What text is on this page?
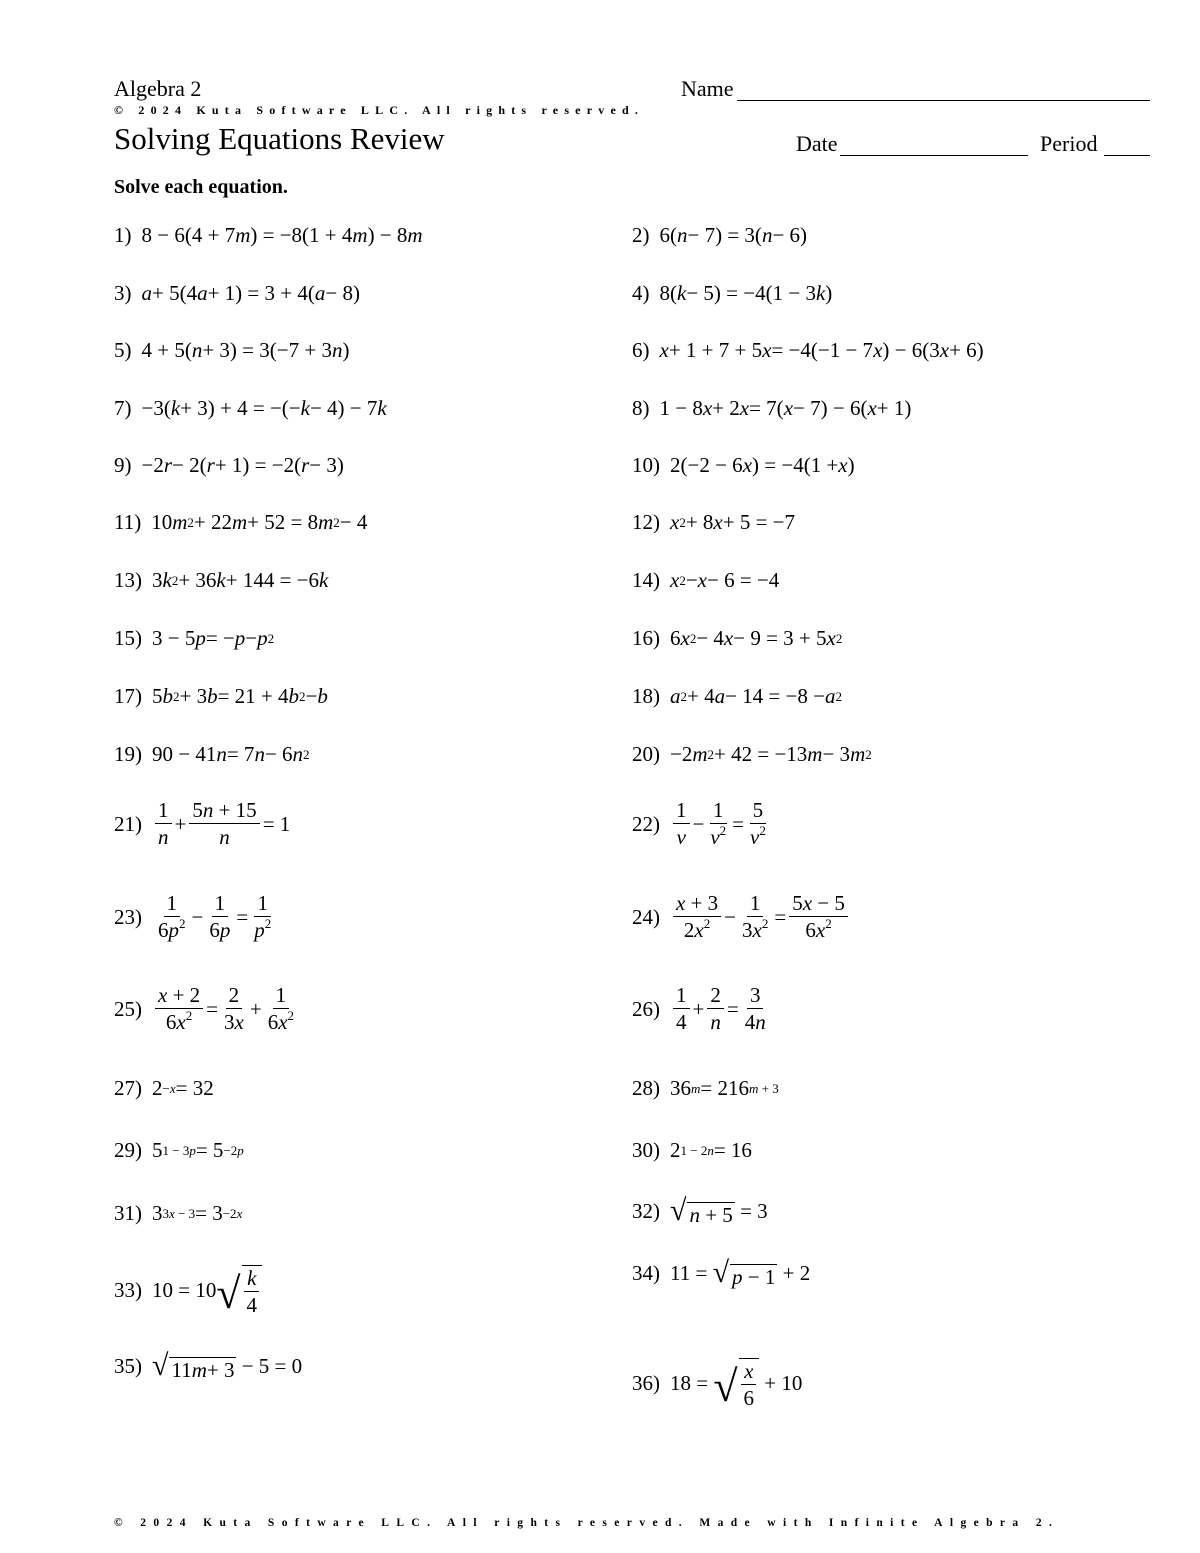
Algebra 2
© 2024 Kuta Software LLC. All rights reserved.
Solving Equations Review
Name
Date	Period
Solve each equation.
1) 8 − 6(4 + 7 m ) = −8(1 + 4 m ) − 8 m	2) 6( n − 7) = 3( n − 6)
3) a + 5(4 a + 1) = 3 + 4( a − 8)	4) 8( k − 5) = −4(1 − 3 k )
5) 4 + 5( n + 3) = 3(−7 + 3 n )	6) x + 1 + 7 + 5 x = −4(−1 − 7 x ) − 6(3 x + 6)
7) −3( k + 3) + 4 = −(− k − 4) − 7 k	8) 1 − 8 x + 2 x = 7( x − 7) − 6( x + 1)
9) −2 r − 2( r + 1) = −2( r − 3)	10) 2(−2 − 6 x ) = −4(1 + x )
11) 10 m 2 + 22 m + 52 = 8 m 2 − 4	12) x 2 + 8 x + 5 = −7
13) 3 k 2 + 36 k + 144 = −6 k	14) x 2 − x − 6 = −4
15) 3 − 5 p = − p − p 2	16) 6 x 2 − 4 x − 9 = 3 + 5 x 2
17) 5 b 2 + 3 b = 21 + 4 b 2 − b	18) a 2 + 4 a − 14 = −8 − a 2
19) 90 − 41 n = 7 n − 6 n 2	20) −2 m 2 + 42 = −13 m − 3 m 2
21)
1
n
+
5n + 15
n
= 1	22)
1
v
−
1
$v^2$ =
5
$v^2$
23)
1
$6p^2$ −
1
6p
=
1
$p^2$	24)
x + 3
$2x^2$ −
1
$3x^2$ =
5x − 5
$6x^2$
25)
x + 2
$6x^2$ =
2
3x
+
1
$6x^2$	26)
1
4
+
2
n
=
3
4n
27) 2 −x = 32	28) 36 m = 216 m + 3
29) 5 1 − 3p = 5 −2p	30) 2 1 − 2n = 16
31) 3 3x − 3 = 3 −2x	32) √ n + 5 = 3
33) 10 = 10 √ k
4
34) 11 = √ p − 1 + 2
35) √ 11 m + 3 − 5 = 0
36) 18 = √ x
6
+ 10
© 2024 Kuta Software LLC. All rights reserved. Made with Infinite Algebra 2.
